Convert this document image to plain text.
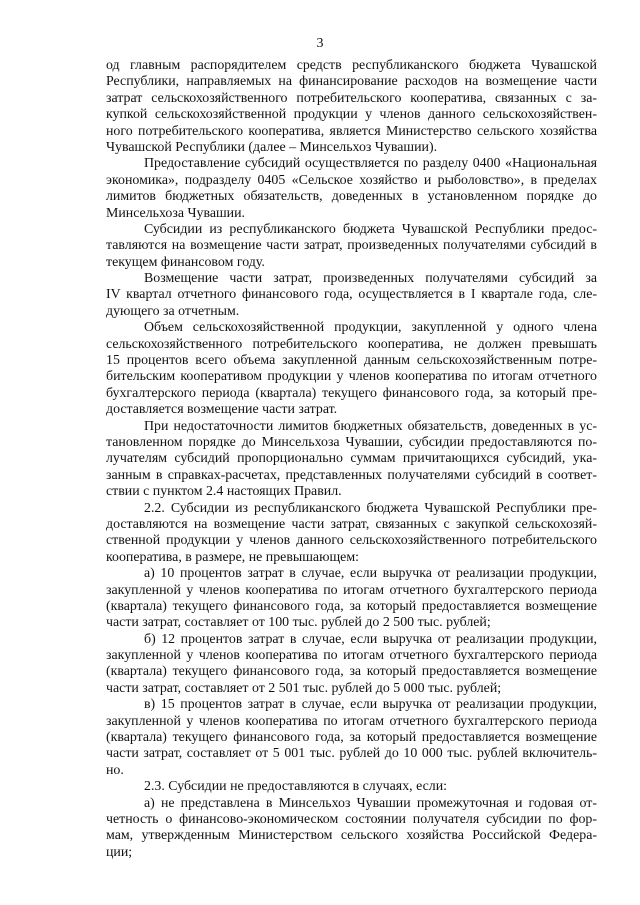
3
од главным распорядителем средств республиканского бюджета Чувашской
Республики, направляемых на финансирование расходов на возмещение части
затрат сельскохозяйственного потребительского кооператива, связанных с за-
купкой сельскохозяйственной продукции у членов данного сельскохозяйствен-
ного потребительского кооператива, является Министерство сельского хозяйства
Чувашской Республики (далее – Минсельхоз Чувашии).
Предоставление субсидий осуществляется по разделу 0400 «Национальная
экономика», подразделу 0405 «Сельское хозяйство и рыболовство», в пределах
лимитов бюджетных обязательств, доведенных в установленном порядке до
Минсельхоза Чувашии.
Субсидии из республиканского бюджета Чувашской Республики предос-
тавляются на возмещение части затрат, произведенных получателями субсидий в
текущем финансовом году.
Возмещение части затрат, произведенных получателями субсидий за
IV квартал отчетного финансового года, осуществляется в I квартале года, сле-
дующего за отчетным.
Объем сельскохозяйственной продукции, закупленной у одного члена
сельскохозяйственного потребительского кооператива, не должен превышать
15 процентов всего объема закупленной данным сельскохозяйственным потре-
бительским кооперативом продукции у членов кооператива по итогам отчетного
бухгалтерского периода (квартала) текущего финансового года, за который пре-
доставляется возмещение части затрат.
При недостаточности лимитов бюджетных обязательств, доведенных в ус-
тановленном порядке до Минсельхоза Чувашии, субсидии предоставляются по-
лучателям субсидий пропорционально суммам причитающихся субсидий, ука-
занным в справках-расчетах, представленных получателями субсидий в соответ-
ствии с пунктом 2.4 настоящих Правил.
2.2. Субсидии из республиканского бюджета Чувашской Республики пре-
доставляются на возмещение части затрат, связанных с закупкой сельскохозяй-
ственной продукции у членов данного сельскохозяйственного потребительского
кооператива, в размере, не превышающем:
а) 10 процентов затрат в случае, если выручка от реализации продукции,
закупленной у членов кооператива по итогам отчетного бухгалтерского периода
(квартала) текущего финансового года, за который предоставляется возмещение
части затрат, составляет от 100 тыс. рублей до 2 500 тыс. рублей;
б) 12 процентов затрат в случае, если выручка от реализации продукции,
закупленной у членов кооператива по итогам отчетного бухгалтерского периода
(квартала) текущего финансового года, за который предоставляется возмещение
части затрат, составляет от 2 501 тыс. рублей до 5 000 тыс. рублей;
в) 15 процентов затрат в случае, если выручка от реализации продукции,
закупленной у членов кооператива по итогам отчетного бухгалтерского периода
(квартала) текущего финансового года, за который предоставляется возмещение
части затрат, составляет от 5 001 тыс. рублей до 10 000 тыс. рублей включитель-
но.
2.3. Субсидии не предоставляются в случаях, если:
а) не представлена в Минсельхоз Чувашии промежуточная и годовая от-
четность о финансово-экономическом состоянии получателя субсидии по фор-
мам, утвержденным Министерством сельского хозяйства Российской Федера-
ции;
